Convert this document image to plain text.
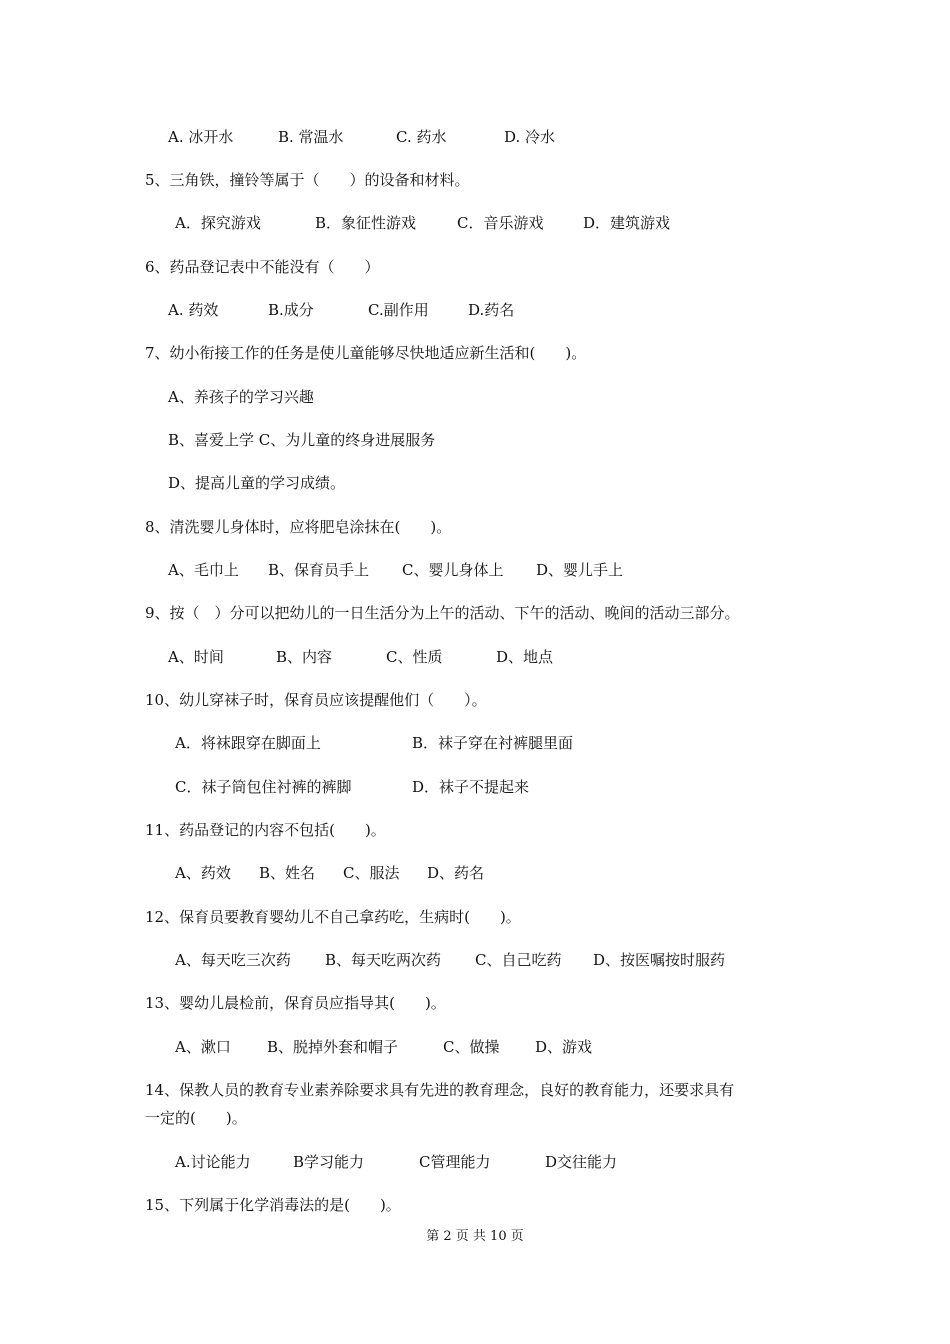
A. 冰开水	B. 常温水	C. 药水	D. 冷水

5、三角铁，撞铃等属于（　　）的设备和材料。

A．探究游戏	B．象征性游戏	C．音乐游戏	D．建筑游戏

6、药品登记表中不能没有（　　）

A. 药效	B.成分	C.副作用	D.药名

7、幼小衔接工作的任务是使儿童能够尽快地适应新生活和(　　)。

A、养孩子的学习兴趣

B、喜爱上学 C、为儿童的终身进展服务

D、提高儿童的学习成绩。

8、清洗婴儿身体时，应将肥皂涂抹在(　　)。

A、毛巾上 B、保育员手上 C、婴儿身体上 D、婴儿手上

9、按（　）分可以把幼儿的一日生活分为上午的活动、下午的活动、晚间的活动三部分。

A、时间	B、内容	C、性质	D、地点

10、幼儿穿袜子时，保育员应该提醒他们（　　）。

A．将袜跟穿在脚面上	B．袜子穿在衬裤腿里面

C．袜子筒包住衬裤的裤脚	D．袜子不提起来

11、药品登记的内容不包括(　　)。

A、药效 B、姓名 C、服法 D、药名

12、保育员要教育婴幼儿不自己拿药吃，生病时(　　)。

A、每天吃三次药 B、每天吃两次药 C、自己吃药 D、按医嘱按时服药

13、婴幼儿晨检前，保育员应指导其(　　)。

A、漱口 B、脱掉外套和帽子	C、做操 D、游戏

14、保教人员的教育专业素养除要求具有先进的教育理念，良好的教育能力，还要求具有

一定的(　　)。

A.讨论能力	B学习能力	C管理能力	D交往能力

15、下列属于化学消毒法的是(　　)。

第 2 页 共 10 页
